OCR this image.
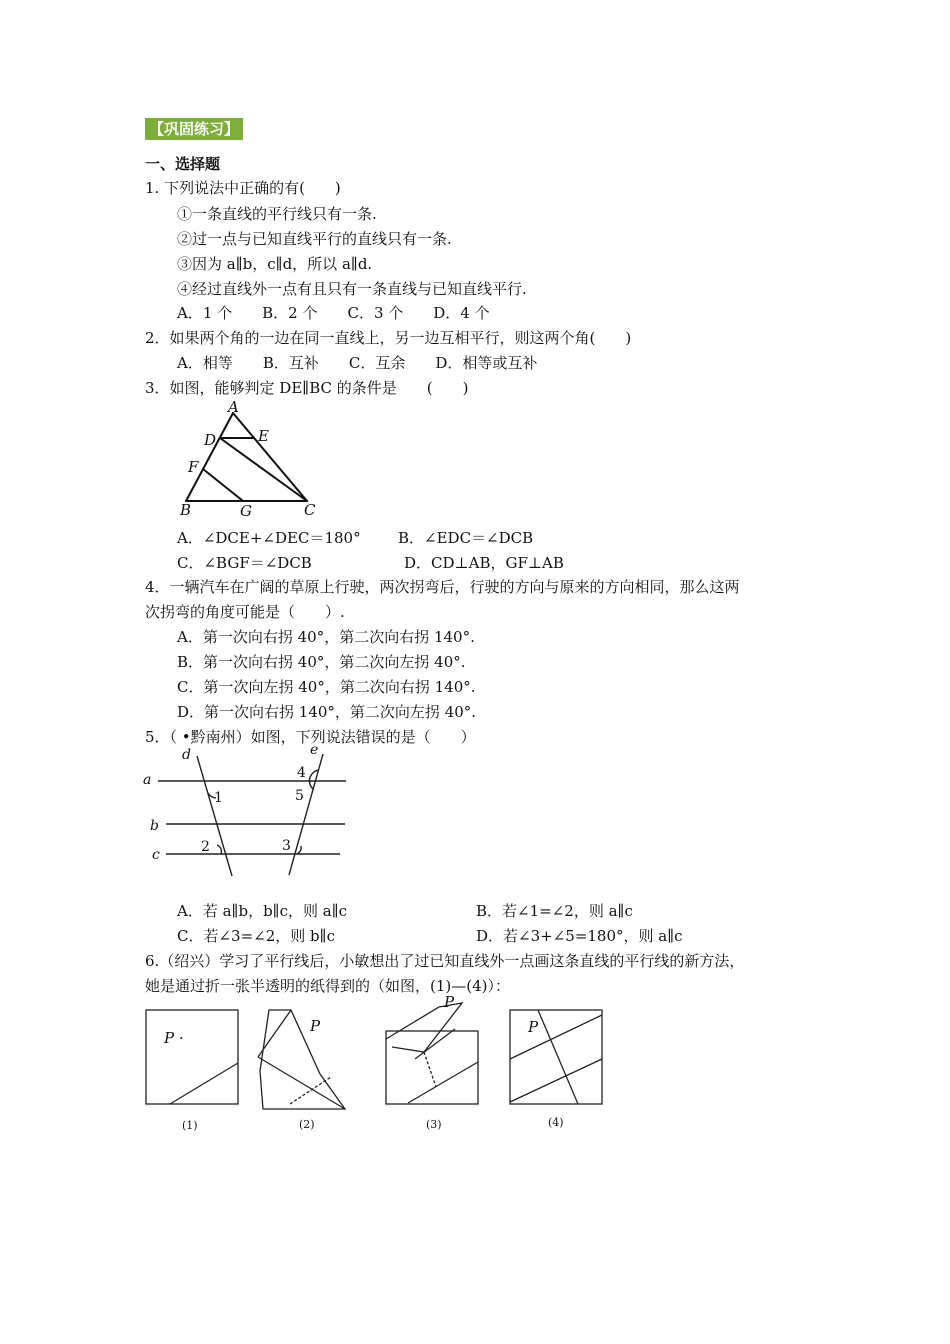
【巩固练习】
一、选择题
1. 下列说法中正确的有(　　)
①一条直线的平行线只有一条.
②过一点与已知直线平行的直线只有一条.
③因为 a∥b，c∥d，所以 a∥d.
④经过直线外一点有且只有一条直线与已知直线平行.
A．1 个　　B．2 个　　C．3 个　　D．4 个
2．如果两个角的一边在同一直线上，另一边互相平行，则这两个角(　　)
A．相等　　B．互补　　C．互余　　D．相等或互补
3．如图，能够判定 DE∥BC 的条件是　　(　　)
A
D	E
F
B	G	C
A．∠DCE+∠DEC＝180° B．∠EDC＝∠DCB
C．∠BGF＝∠DCB	D．CD⊥AB，GF⊥AB
4．一辆汽车在广阔的草原上行驶，两次拐弯后，行驶的方向与原来的方向相同，那么这两
次拐弯的角度可能是（　　）.
A．第一次向右拐 40°，第二次向右拐 140°.
B．第一次向右拐 40°，第二次向左拐 40°.
C．第一次向左拐 40°，第二次向右拐 140°.
D．第一次向右拐 140°，第二次向左拐 40°.
5．（ •黔南州）如图，下列说法错误的是（　　）
a
b
c
d	e
1
2	3
4
5
A．若 a∥b，b∥c，则 a∥c	B．若∠1=∠2，则 a∥c
C．若∠3=∠2，则 b∥c	D．若∠3+∠5=180°，则 a∥c
6.（绍兴）学习了平行线后，小敏想出了过已知直线外一点画这条直线的平行线的新方法，
她是通过折一张半透明的纸得到的（如图，(1)—(4)）：
P ·
P
P
P
(1)	(2)	(3)	(4)
